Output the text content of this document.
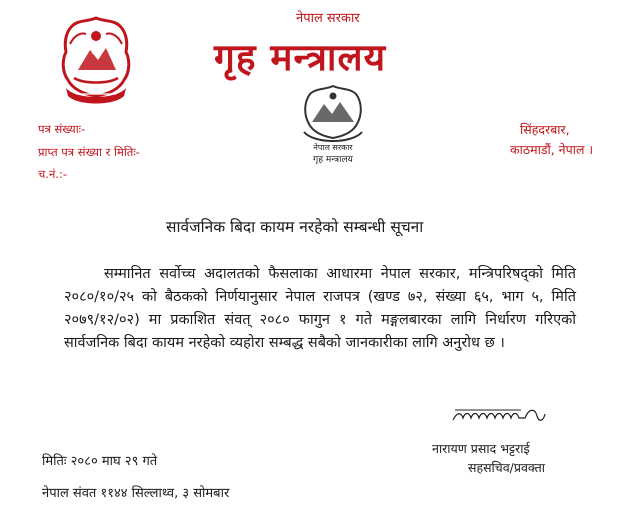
नेपाल सरकार
गृह मन्त्रालय
नेपाल सरकार
गृह मन्त्रालय
पत्र संख्याः-
प्राप्त पत्र संख्या र मितिः-
च.नं.:-
सिंहदरबार,
काठमाडौं, नेपाल ।
सार्वजनिक बिदा कायम नरहेको सम्बन्धी सूचना
सम्मानित सर्वोच्च अदालतको फैसलाका आधारमा नेपाल सरकार, मन्त्रिपरिषद्को मिति २०८०/१०/२५ को बैठकको निर्णयानुसार नेपाल राजपत्र (खण्ड ७२, संख्या ६५, भाग ५, मिति २०७९/१२/०२) मा प्रकाशित संवत् २०८० फागुन १ गते मङ्गलबारका लागि निर्धारण गरिएको सार्वजनिक बिदा कायम नरहेको व्यहोरा सम्बद्ध सबैको जानकारीका लागि अनुरोध छ ।
नारायण प्रसाद भट्टराई
सहसचिव/प्रवक्ता
मितिः २०८० माघ २९ गते
नेपाल संवत ११४४ सिल्लाथ्व, ३ सोमबार
